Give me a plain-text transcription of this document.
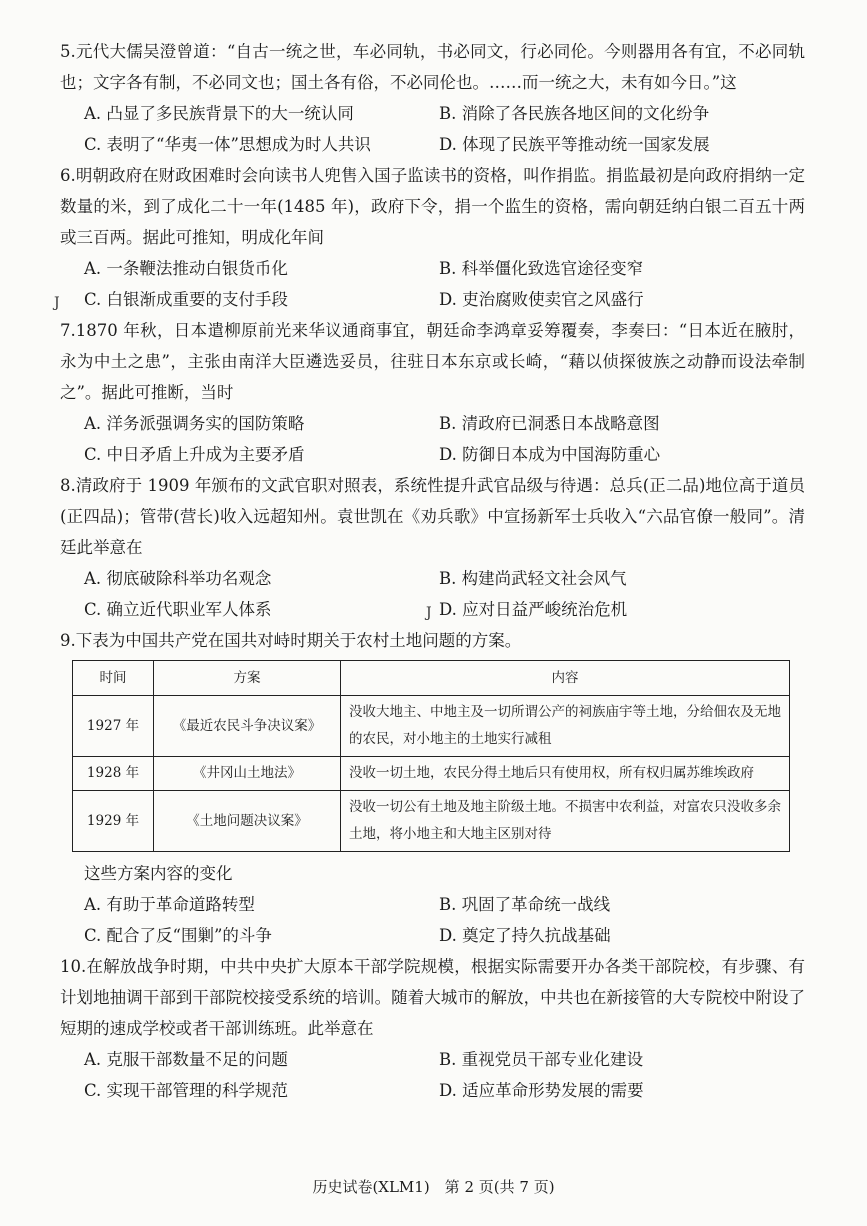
5.元代大儒吴澄曾道：“自古一统之世，车必同轨，书必同文，行必同伦。今则器用各有宜，不必同轨也；文字各有制，不必同文也；国土各有俗，不必同伦也。……而一统之大，未有如今日。”这

A. 凸显了多民族背景下的大一统认同	B. 消除了各民族各地区间的文化纷争
C. 表明了“华夷一体”思想成为时人共识	D. 体现了民族平等推动统一国家发展

6.明朝政府在财政困难时会向读书人兜售入国子监读书的资格，叫作捐监。捐监最初是向政府捐纳一定数量的米，到了成化二十一年(1485 年)，政府下令，捐一个监生的资格，需向朝廷纳白银二百五十两或三百两。据此可推知，明成化年间

A. 一条鞭法推动白银货币化	B. 科举僵化致选官途径变窄
C. 白银渐成重要的支付手段	D. 吏治腐败使卖官之风盛行
J

7.1870 年秋，日本遣柳原前光来华议通商事宜，朝廷命李鸿章妥筹覆奏，李奏曰：“日本近在腋肘，永为中土之患”，主张由南洋大臣遴选妥员，往驻日本东京或长崎，“藉以侦探彼族之动静而设法牵制之”。据此可推断，当时

A. 洋务派强调务实的国防策略	B. 清政府已洞悉日本战略意图
C. 中日矛盾上升成为主要矛盾	D. 防御日本成为中国海防重心

8.清政府于 1909 年颁布的文武官职对照表，系统性提升武官品级与待遇：总兵(正二品)地位高于道员(正四品)；管带(营长)收入远超知州。袁世凯在《劝兵歌》中宣扬新军士兵收入“六品官僚一般同”。清廷此举意在

A. 彻底破除科举功名观念	B. 构建尚武轻文社会风气
C. 确立近代职业军人体系	D. 应对日益严峻统治危机
J

9.下表为中国共产党在国共对峙时期关于农村土地问题的方案。

时间	方案	内容
1927 年	《最近农民斗争决议案》	没收大地主、中地主及一切所谓公产的祠族庙宇等土地，分给佃农及无地的农民，对小地主的土地实行减租
1928 年	《井冈山土地法》	没收一切土地，农民分得土地后只有使用权，所有权归属苏维埃政府
1929 年	《土地问题决议案》	没收一切公有土地及地主阶级土地。不损害中农利益，对富农只没收多余土地，将小地主和大地主区别对待

这些方案内容的变化

A. 有助于革命道路转型	B. 巩固了革命统一战线
C. 配合了反“围剿”的斗争	D. 奠定了持久抗战基础

10.在解放战争时期，中共中央扩大原本干部学院规模，根据实际需要开办各类干部院校，有步骤、有计划地抽调干部到干部院校接受系统的培训。随着大城市的解放，中共也在新接管的大专院校中附设了短期的速成学校或者干部训练班。此举意在

A. 克服干部数量不足的问题	B. 重视党员干部专业化建设
C. 实现干部管理的科学规范	D. 适应革命形势发展的需要
历史试卷(XLM1)　第 2 页(共 7 页)
